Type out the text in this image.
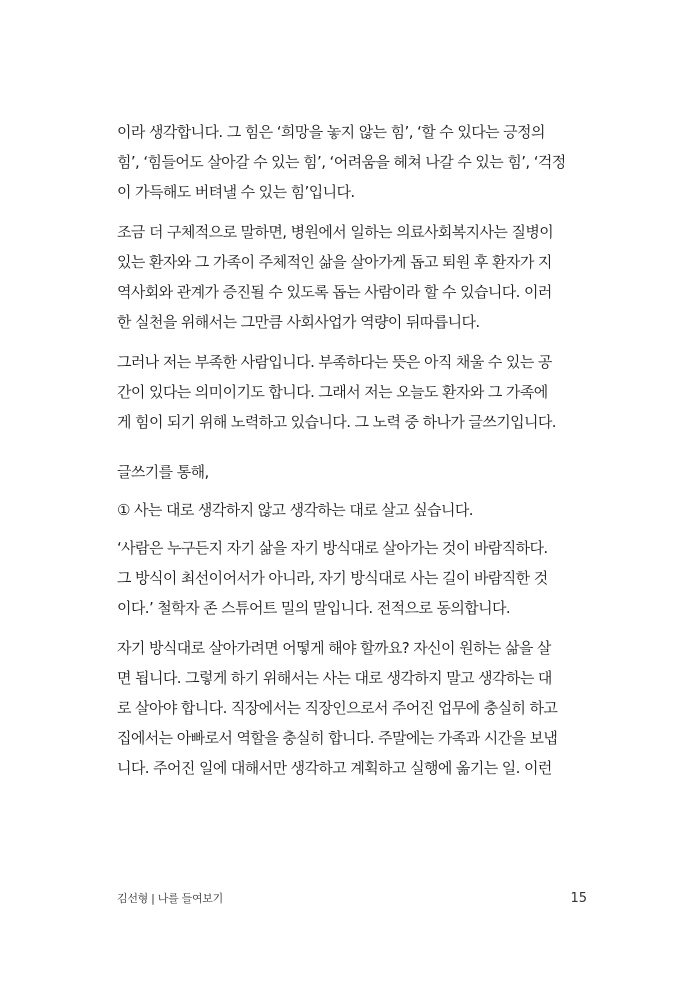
이라 생각합니다. 그 힘은 ‘희망을 놓지 않는 힘’, ‘할 수 있다는 긍정의
힘’, ‘힘들어도 살아갈 수 있는 힘’, ‘어려움을 헤쳐 나갈 수 있는 힘’, ‘걱정
이 가득해도 버텨낼 수 있는 힘’입니다.
조금 더 구체적으로 말하면, 병원에서 일하는 의료사회복지사는 질병이
있는 환자와 그 가족이 주체적인 삶을 살아가게 돕고 퇴원 후 환자가 지
역사회와 관계가 증진될 수 있도록 돕는 사람이라 할 수 있습니다. 이러
한 실천을 위해서는 그만큼 사회사업가 역량이 뒤따릅니다.
그러나 저는 부족한 사람입니다. 부족하다는 뜻은 아직 채울 수 있는 공
간이 있다는 의미이기도 합니다. 그래서 저는 오늘도 환자와 그 가족에
게 힘이 되기 위해 노력하고 있습니다. 그 노력 중 하나가 글쓰기입니다.
글쓰기를 통해,
① 사는 대로 생각하지 않고 생각하는 대로 살고 싶습니다.
‘사람은 누구든지 자기 삶을 자기 방식대로 살아가는 것이 바람직하다.
그 방식이 최선이어서가 아니라, 자기 방식대로 사는 길이 바람직한 것
이다.’ 철학자 존 스튜어트 밀의 말입니다. 전적으로 동의합니다.
자기 방식대로 살아가려면 어떻게 해야 할까요? 자신이 원하는 삶을 살
면 됩니다. 그렇게 하기 위해서는 사는 대로 생각하지 말고 생각하는 대
로 살아야 합니다. 직장에서는 직장인으로서 주어진 업무에 충실히 하고
집에서는 아빠로서 역할을 충실히 합니다. 주말에는 가족과 시간을 보냅
니다. 주어진 일에 대해서만 생각하고 계획하고 실행에 옮기는 일. 이런
김선형 | 나를 들여보기	15
